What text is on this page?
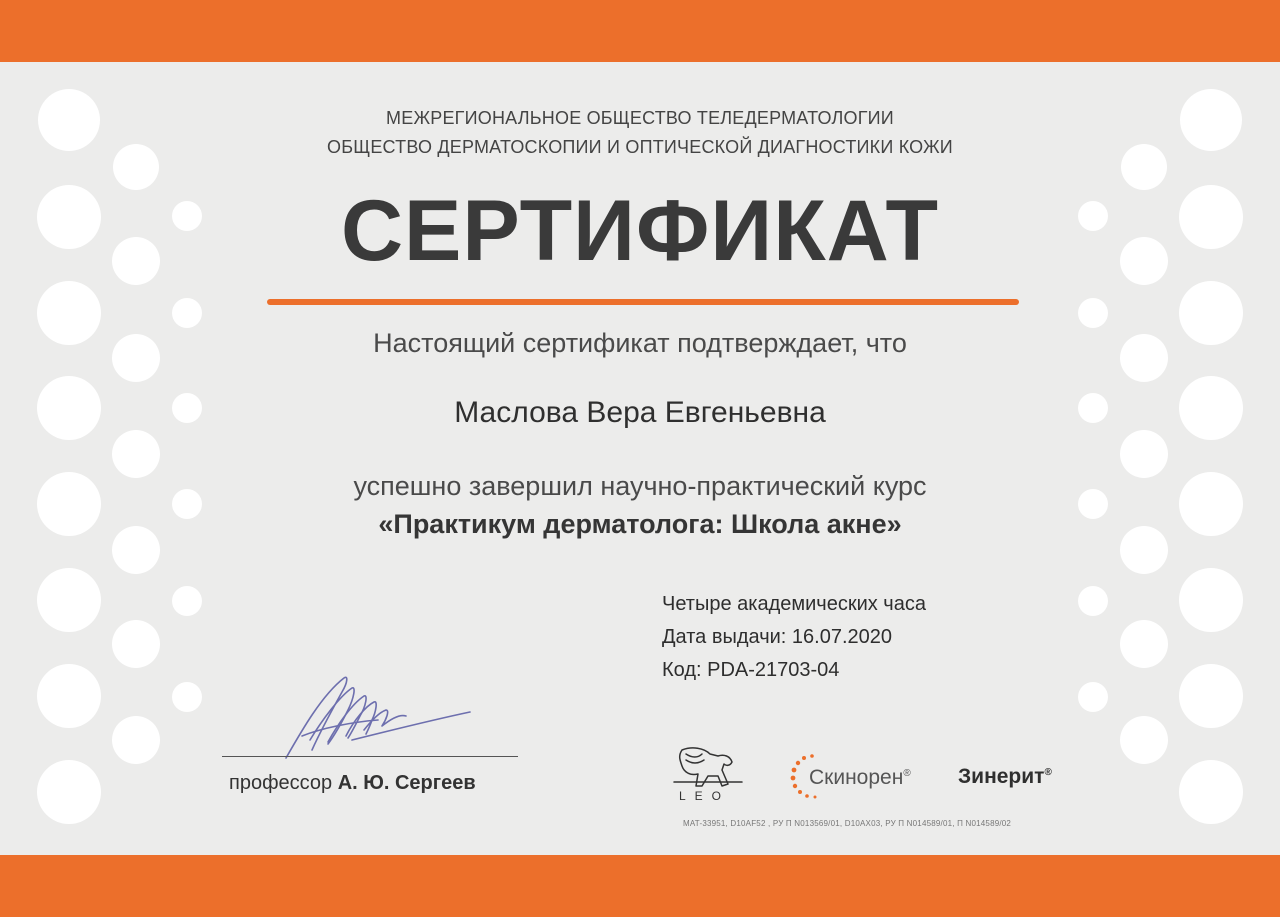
МЕЖРЕГИОНАЛЬНОЕ ОБЩЕСТВО ТЕЛЕДЕРМАТОЛОГИИ
ОБЩЕСТВО ДЕРМАТОСКОПИИ И ОПТИЧЕСКОЙ ДИАГНОСТИКИ КОЖИ
СЕРТИФИКАТ
Настоящий сертификат подтверждает, что
Маслова Вера Евгеньевна
успешно завершил научно-практический курс
«Практикум дерматолога: Школа акне»
Четыре академических часа
Дата выдачи: 16.07.2020
Код: PDA-21703-04
профессор А. Ю. Сергеев
LEO
Скинорен® Зинерит®
MAT-33951, D10AF52 , РУ П N013569/01, D10AX03, РУ П N014589/01, П N014589/02
